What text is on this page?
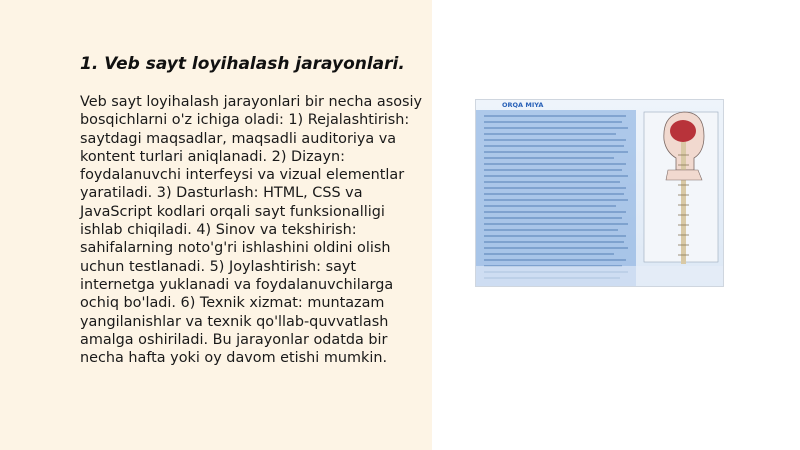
1. Veb sayt loyihalash jarayonlari.

Veb sayt loyihalash jarayonlari bir necha asosiy bosqichlarni o'z ichiga oladi: 1) Rejalashtirish: saytdagi maqsadlar, maqsadli auditoriya va kontent turlari aniqlanadi. 2) Dizayn: foydalanuvchi interfeysi va vizual elementlar yaratiladi. 3) Dasturlash: HTML, CSS va JavaScript kodlari orqali sayt funksionalligi ishlab chiqiladi. 4) Sinov va tekshirish: sahifalarning noto'g'ri ishlashini oldini olish uchun testlanadi. 5) Joylashtirish: sayt internetga yuklanadi va foydalanuvchilarga ochiq bo'ladi. 6) Texnik xizmat: muntazam yangilanishlar va texnik qo'llab-quvvatlash amalga oshiriladi. Bu jarayonlar odatda bir necha hafta yoki oy davom etishi mumkin.

ORQA MIYA
